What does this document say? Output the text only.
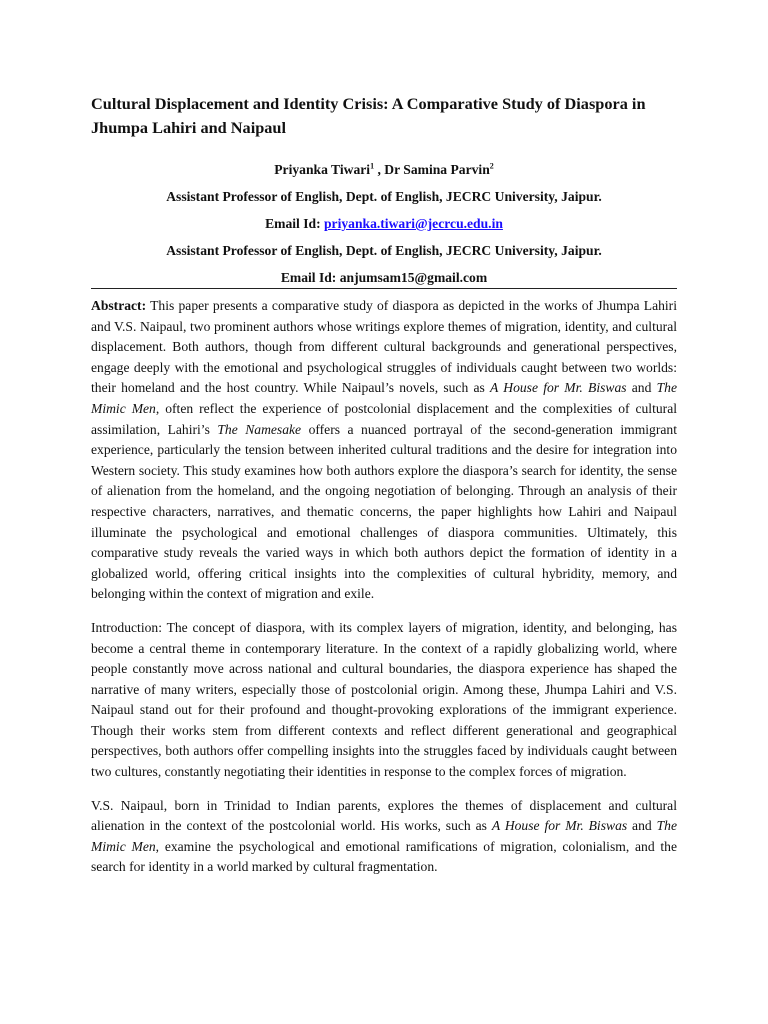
Cultural Displacement and Identity Crisis: A Comparative Study of Diaspora in Jhumpa Lahiri and Naipaul
Priyanka Tiwari$^1$ , Dr Samina Parvin$^2$
Assistant Professor of English, Dept. of English, JECRC University, Jaipur.
Email Id: priyanka.tiwari@jecrcu.edu.in
Assistant Professor of English, Dept. of English, JECRC University, Jaipur.
Email Id: anjumsam15@gmail.com

Abstract: This paper presents a comparative study of diaspora as depicted in the works of Jhumpa Lahiri and V.S. Naipaul, two prominent authors whose writings explore themes of migration, identity, and cultural displacement. Both authors, though from different cultural backgrounds and generational perspectives, engage deeply with the emotional and psychological struggles of individuals caught between two worlds: their homeland and the host country. While Naipaul’s novels, such as A House for Mr. Biswas and The Mimic Men, often reflect the experience of postcolonial displacement and the complexities of cultural assimilation, Lahiri’s The Namesake offers a nuanced portrayal of the second-generation immigrant experience, particularly the tension between inherited cultural traditions and the desire for integration into Western society. This study examines how both authors explore the diaspora’s search for identity, the sense of alienation from the homeland, and the ongoing negotiation of belonging. Through an analysis of their respective characters, narratives, and thematic concerns, the paper highlights how Lahiri and Naipaul illuminate the psychological and emotional challenges of diaspora communities. Ultimately, this comparative study reveals the varied ways in which both authors depict the formation of identity in a globalized world, offering critical insights into the complexities of cultural hybridity, memory, and belonging within the context of migration and exile.

Introduction: The concept of diaspora, with its complex layers of migration, identity, and belonging, has become a central theme in contemporary literature. In the context of a rapidly globalizing world, where people constantly move across national and cultural boundaries, the diaspora experience has shaped the narrative of many writers, especially those of postcolonial origin. Among these, Jhumpa Lahiri and V.S. Naipaul stand out for their profound and thought-provoking explorations of the immigrant experience. Though their works stem from different contexts and reflect different generational and geographical perspectives, both authors offer compelling insights into the struggles faced by individuals caught between two cultures, constantly negotiating their identities in response to the complex forces of migration.

V.S. Naipaul, born in Trinidad to Indian parents, explores the themes of displacement and cultural alienation in the context of the postcolonial world. His works, such as A House for Mr. Biswas and The Mimic Men, examine the psychological and emotional ramifications of migration, colonialism, and the search for identity in a world marked by cultural fragmentation.
